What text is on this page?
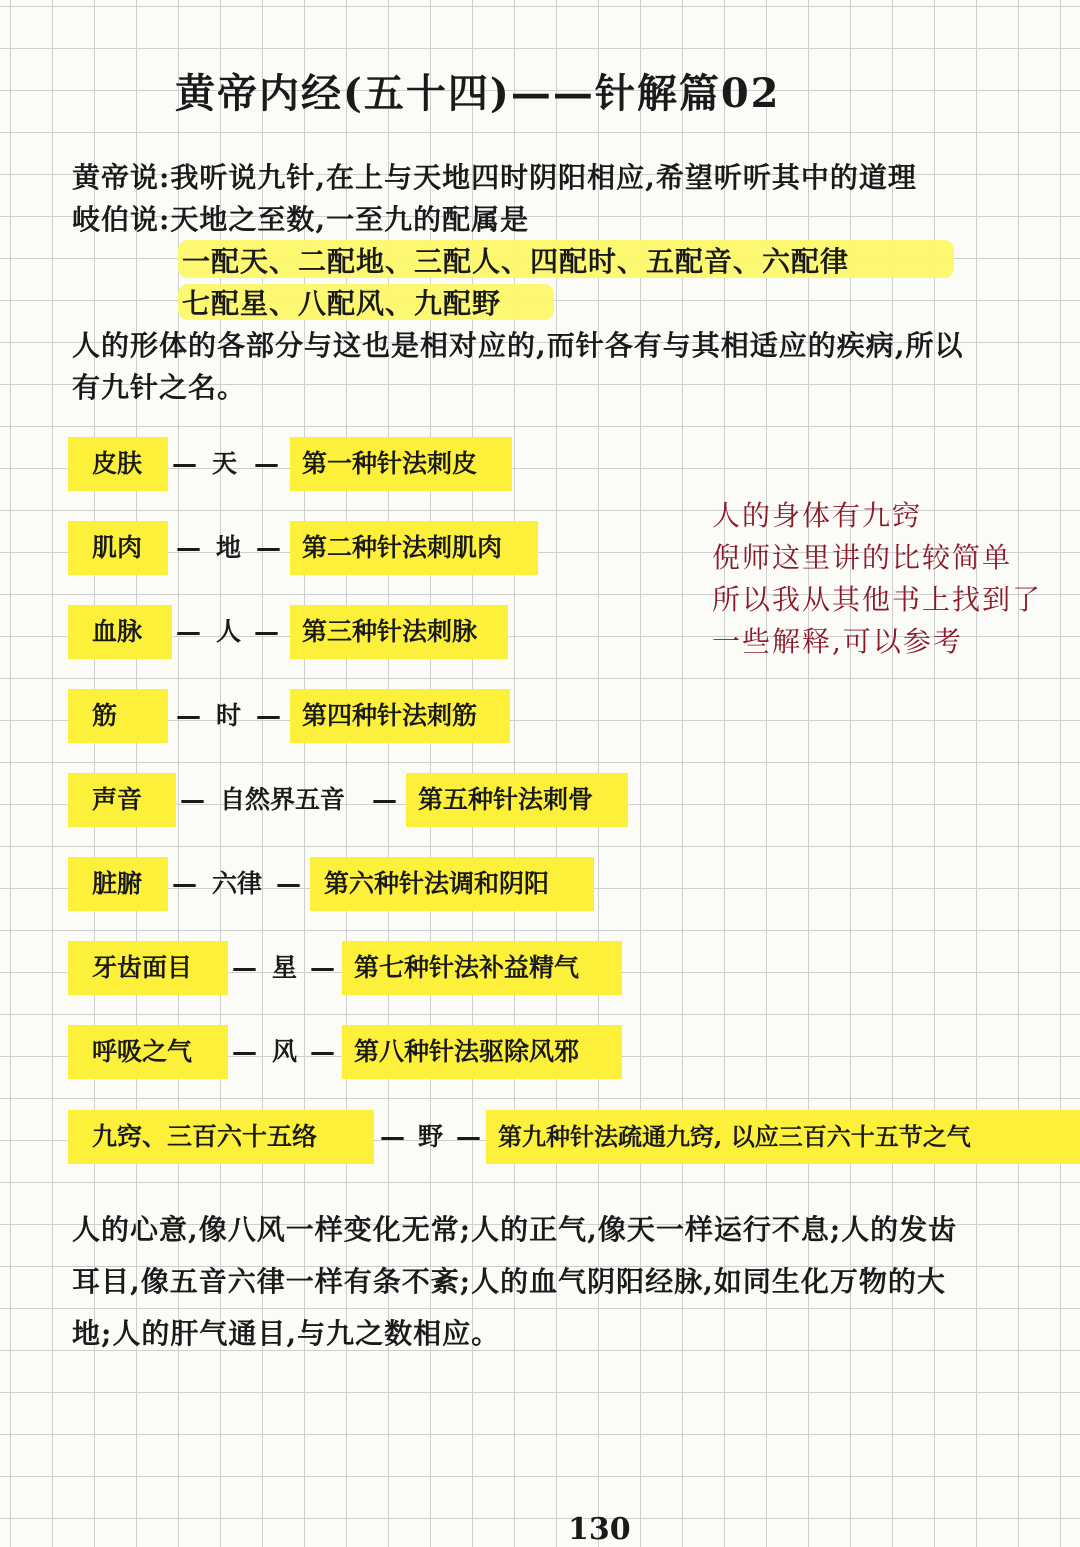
黄帝内经(五十四)——针解篇02
黄帝说:我听说九针,在上与天地四时阴阳相应,希望听听其中的道理
岐伯说:天地之至数,一至九的配属是
一配天、二配地、三配人、四配时、五配音、六配律
七配星、八配风、九配野
人的形体的各部分与这也是相对应的,而针各有与其相适应的疾病,所以
有九针之名。
皮肤 — 天 — 第一种针法刺皮
肌肉 — 地 — 第二种针法刺肌肉
血脉 — 人 — 第三种针法刺脉
筋 — 时 — 第四种针法刺筋
声音 — 自然界五音 — 第五种针法刺骨
脏腑 — 六律 — 第六种针法调和阴阳
牙齿面目 — 星 — 第七种针法补益精气
呼吸之气 — 风 — 第八种针法驱除风邪
九窍、三百六十五络	— 野 — 第九种针法疏通九窍, 以应三百六十五节之气
人的身体有九窍
倪师这里讲的比较简单
所以我从其他书上找到了
一些解释,可以参考
人的心意,像八风一样变化无常;人的正气,像天一样运行不息;人的发齿
耳目,像五音六律一样有条不紊;人的血气阴阳经脉,如同生化万物的大
地;人的肝气通目,与九之数相应。
130
